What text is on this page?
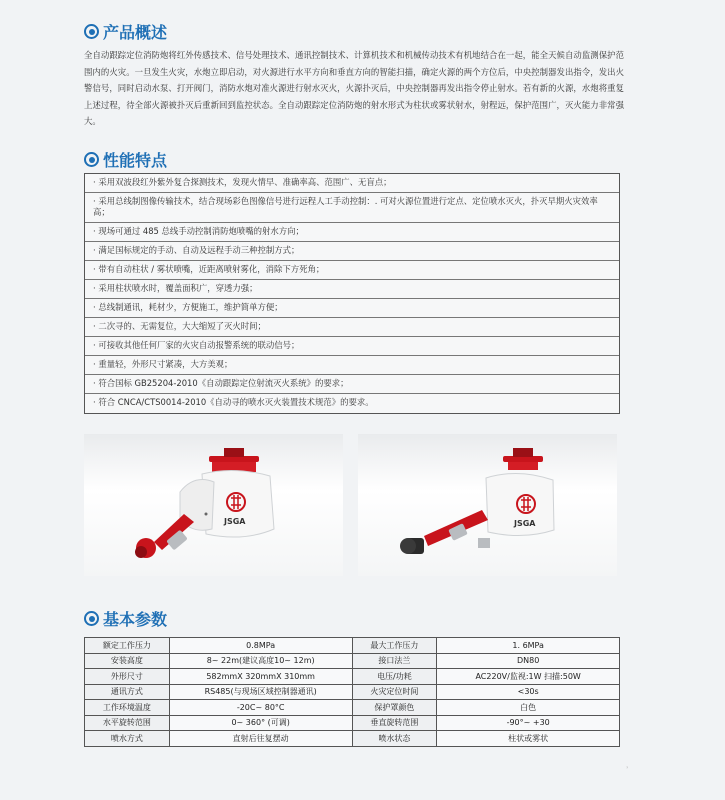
产品概述

全自动跟踪定位消防炮将红外传感技术、信号处理技术、通讯控制技术、计算机技术和机械传动技术有机地结合在一起，能全天候自动监测保护范围内的火灾。一旦发生火灾，水炮立即启动，对火源进行水平方向和垂直方向的智能扫描，确定火源的两个方位后，中央控制器发出指令，发出火警信号，同时启动水泵、打开阀门，消防水炮对准火源进行射水灭火，火源扑灭后，中央控制器再发出指令停止射水。若有新的火源，水炮将重复上述过程，待全部火源被扑灭后重新回到监控状态。全自动跟踪定位消防炮的射水形式为柱状或雾状射水，射程远，保护范围广，灭火能力非常强大。

性能特点
· 采用双波段红外紫外复合探测技术，发现火情早、准确率高、范围广、无盲点；
· 采用总线制图像传输技术，结合现场彩色图像信号进行远程人工手动控制：. 可对火源位置进行定点、定位喷水灭火，扑灭早期火灾效率高；
· 现场可通过 485 总线手动控制消防炮喷嘴的射水方向；
· 满足国标规定的手动、自动及远程手动三种控制方式；
· 带有自动柱状 / 雾状喷嘴，近距离喷射雾化，消除下方死角；
· 采用柱状喷水时，覆盖面积广，穿透力强；
· 总线制通讯，耗材少，方便施工，维护简单方便；
· 二次寻的、无需复位，大大缩短了灭火时间；
· 可接收其他任何厂家的火灾自动报警系统的联动信号；
· 重量轻，外形尺寸紧凑，大方美观；
· 符合国标 GB25204-2010《自动跟踪定位射流灭火系统》的要求；
· 符合 CNCA/CTS0014-2010《自动寻的喷水灭火装置技术规范》的要求。
JSGA	JSGA
基本参数
额定工作压力	0.8MPa	最大工作压力	1. 6MPa
安装高度	8~ 22m(建议高度10~ 12m)	接口法兰	DN80
外形尺寸	582mmX 320mmX 310mm	电压/功耗	AC220V/监视:1W 扫描:50W
通讯方式	RS485(与现场区域控制器通讯)	火灾定位时间	<30s
工作环境温度	-20C~ 80°C	保护罩颜色	白色
水平旋转范围	0~ 360° (可调)	垂直旋转范围	-90°~ +30
喷水方式	直射后往复摆动	喷水状态	柱状或雾状
，
